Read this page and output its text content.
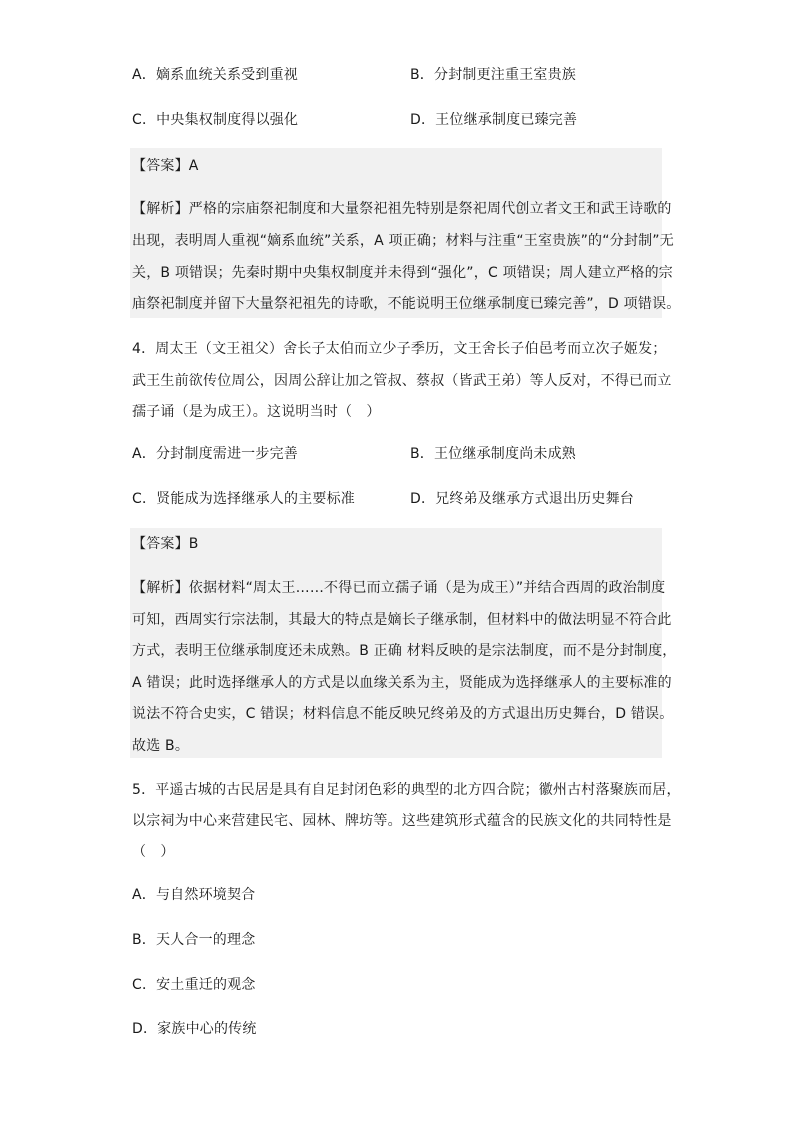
A．嫡系血统关系受到重视	B．分封制更注重王室贵族
C．中央集权制度得以强化	D．王位继承制度已臻完善
【答案】A
【解析】严格的宗庙祭祀制度和大量祭祀祖先特别是祭祀周代创立者文王和武王诗歌的
出现，表明周人重视“嫡系血统”关系，A 项正确；材料与注重“王室贵族”的“分封制”无
关，B 项错误；先秦时期中央集权制度并未得到“强化”，C 项错误；周人建立严格的宗
庙祭祀制度并留下大量祭祀祖先的诗歌，不能说明王位继承制度已臻完善”，D 项错误。
4．周太王（文王祖父）舍长子太伯而立少子季历，文王舍长子伯邑考而立次子姬发；
武王生前欲传位周公，因周公辞让加之管叔、蔡叔（皆武王弟）等人反对，不得已而立
孺子诵（是为成王）。这说明当时（　）
A．分封制度需进一步完善	B．王位继承制度尚未成熟
C．贤能成为选择继承人的主要标准	D．兄终弟及继承方式退出历史舞台
【答案】B
【解析】依据材料“周太王……不得已而立孺子诵（是为成王）”并结合西周的政治制度
可知，西周实行宗法制，其最大的特点是嫡长子继承制，但材料中的做法明显不符合此
方式，表明王位继承制度还未成熟。B 正确 材料反映的是宗法制度，而不是分封制度，
A 错误；此时选择继承人的方式是以血缘关系为主，贤能成为选择继承人的主要标准的
说法不符合史实，C 错误；材料信息不能反映兄终弟及的方式退出历史舞台，D 错误。
故选 B。
5．平遥古城的古民居是具有自足封闭色彩的典型的北方四合院；徽州古村落聚族而居，
以宗祠为中心来营建民宅、园林、牌坊等。这些建筑形式蕴含的民族文化的共同特性是
（　）
A．与自然环境契合
B．天人合一的理念
C．安土重迁的观念
D．家族中心的传统
